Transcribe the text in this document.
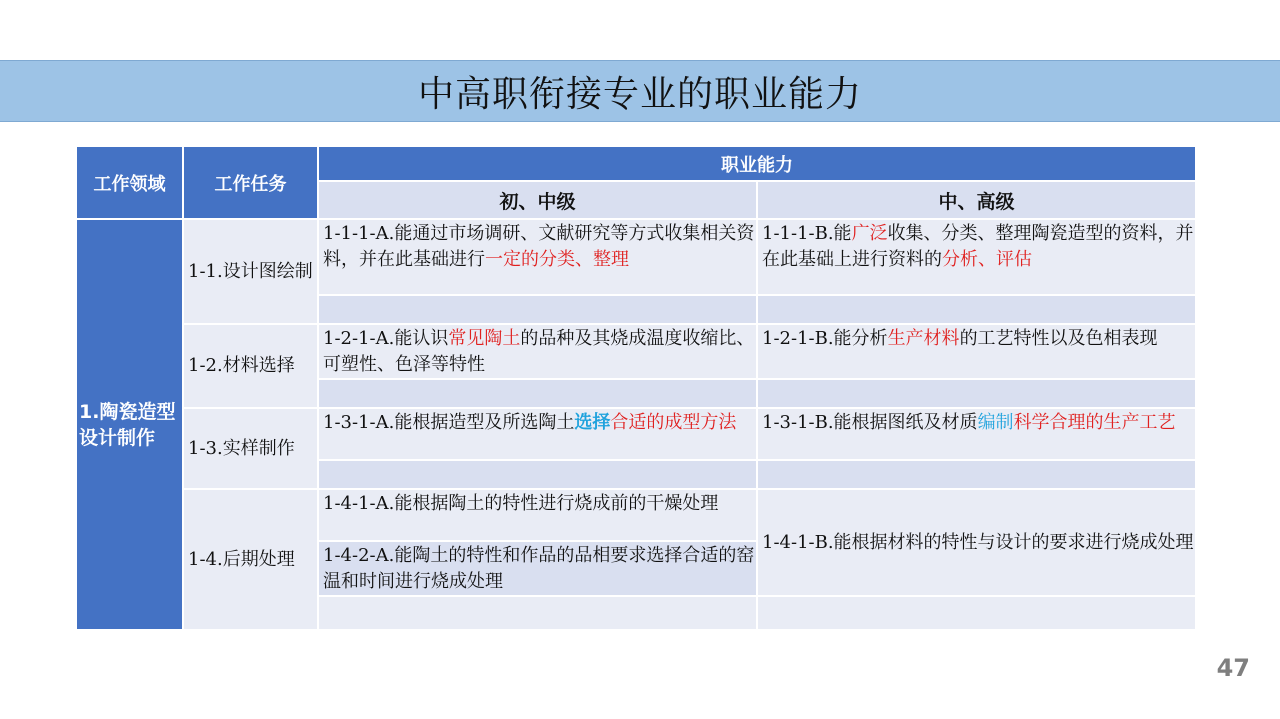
中高职衔接专业的职业能力
工作领域	工作任务	职业能力	
		初、中级	中、高级
1.陶瓷造型设计制作	1-1.设计图绘制	1-1-1-A.能通过市场调研、文献研究等方式收集相关资料，并在此基础进行一定的分类、整理	1-1-1-B.能广泛收集、分类、整理陶瓷造型的资料，并在此基础上进行资料的分析、评估

	1-2.材料选择	1-2-1-A.能认识常见陶土的品种及其烧成温度收缩比、可塑性、色泽等特性	1-2-1-B.能分析生产材料的工艺特性以及色相表现

	1-3.实样制作	1-3-1-A.能根据造型及所选陶土选择合适的成型方法	1-3-1-B.能根据图纸及材质编制科学合理的生产工艺

	1-4.后期处理	1-4-1-A.能根据陶土的特性进行烧成前的干燥处理	1-4-1-B.能根据材料的特性与设计的要求进行烧成处理
		1-4-2-A.能陶土的特性和作品的品相要求选择合适的窑温和时间进行烧成处理	

47
